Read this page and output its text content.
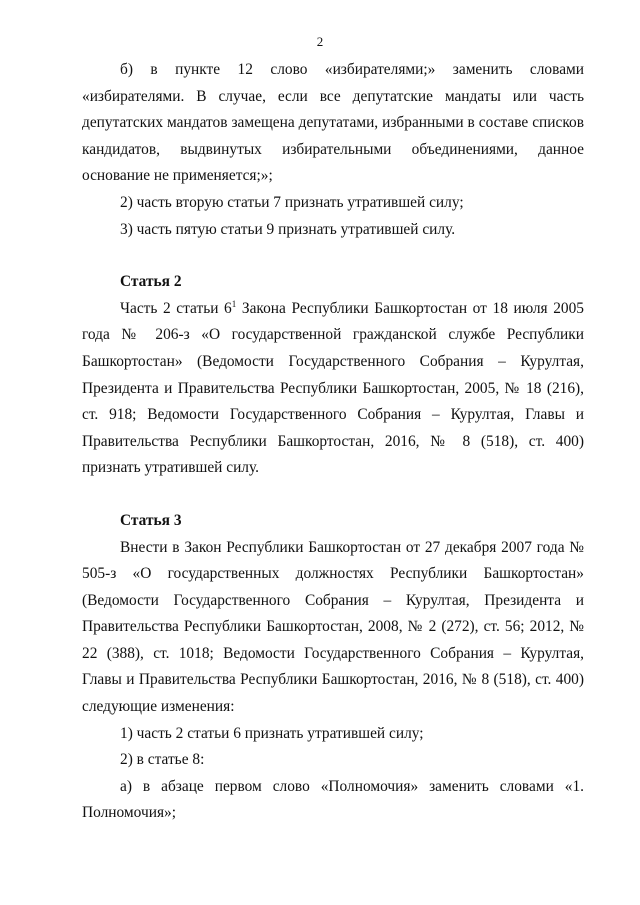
2

б) в пункте 12 слово «избирателями;» заменить словами «избирателями. В случае, если все депутатские мандаты или часть депутатских мандатов замещена депутатами, избранными в составе списков кандидатов, выдвинутых избирательными объединениями, данное основание не применяется;»;

2) часть вторую статьи 7 признать утратившей силу;

3) часть пятую статьи 9 признать утратившей силу.

Статья 2

Часть 2 статьи $6^1$ Закона Республики Башкортостан от 18 июля 2005 года № 206-з «О государственной гражданской службе Республики Башкортостан» (Ведомости Государственного Собрания – Курултая, Президента и Правительства Республики Башкортостан, 2005, № 18 (216), ст. 918; Ведомости Государственного Собрания – Курултая, Главы и Правительства Республики Башкортостан, 2016, № 8 (518), ст. 400) признать утратившей силу.

Статья 3

Внести в Закон Республики Башкортостан от 27 декабря 2007 года № 505-з «О государственных должностях Республики Башкортостан» (Ведомости Государственного Собрания – Курултая, Президента и Правительства Республики Башкортостан, 2008, № 2 (272), ст. 56; 2012, № 22 (388), ст. 1018; Ведомости Государственного Собрания – Курултая, Главы и Правительства Республики Башкортостан, 2016, № 8 (518), ст. 400) следующие изменения:

1) часть 2 статьи 6 признать утратившей силу;

2) в статье 8:

а) в абзаце первом слово «Полномочия» заменить словами «1. Полномочия»;
